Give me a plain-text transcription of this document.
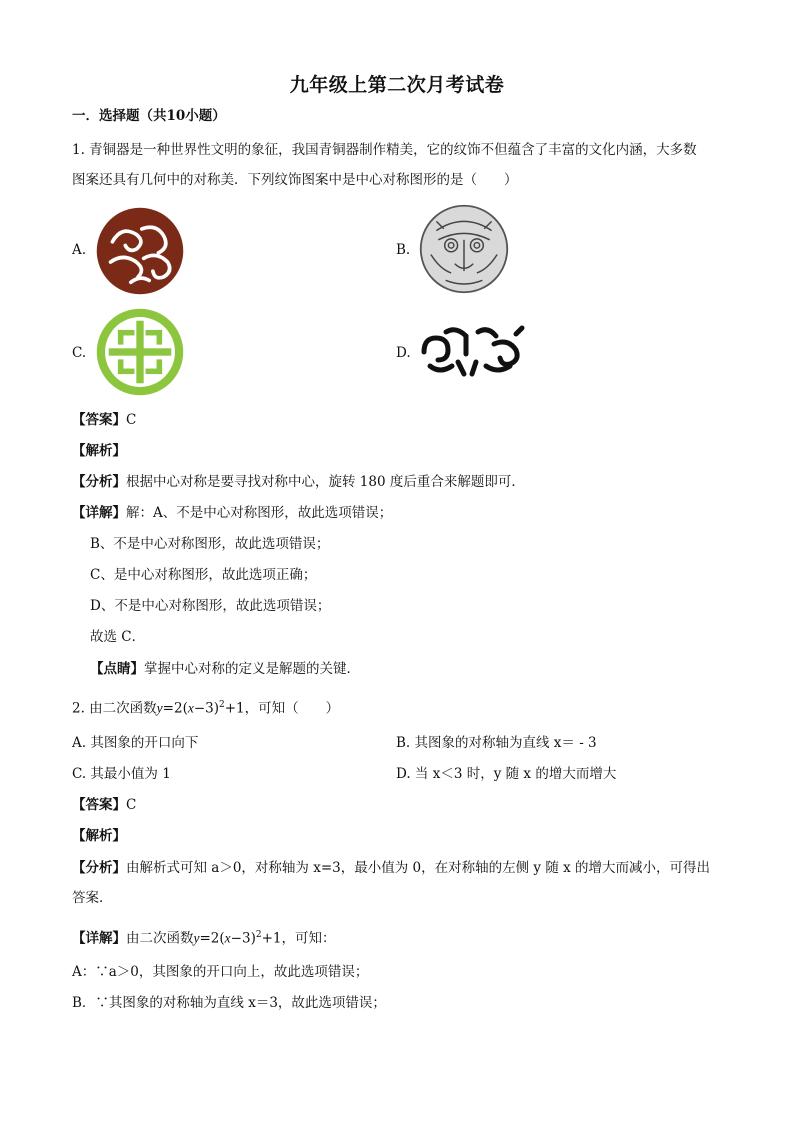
九年级上第二次月考试卷
一．选择题（共10小题）
1. 青铜器是一种世界性文明的象征，我国青铜器制作精美，它的纹饰不但蕴含了丰富的文化内涵，大多数
图案还具有几何中的对称美．下列纹饰图案中是中心对称图形的是（　　）
A.	B.
C.	D.
【答案】C
【解析】
【分析】根据中心对称是要寻找对称中心，旋转 180 度后重合来解题即可．
【详解】解：A、不是中心对称图形，故此选项错误；
B、不是中心对称图形，故此选项错误；
C、是中心对称图形，故此选项正确；
D、不是中心对称图形，故此选项错误；
故选 C．
【点睛】掌握中心对称的定义是解题的关键．
2. 由二次函数$y=2(x-3)^2+1$，可知（　　）
A. 其图象的开口向下	B. 其图象的对称轴为直线 x＝ - 3
C. 其最小值为 1	D. 当 x＜3 时，y 随 x 的增大而增大
【答案】C
【解析】
【分析】由解析式可知 a＞0，对称轴为 x=3，最小值为 0，在对称轴的左侧 y 随 x 的增大而减小，可得出
答案．
【详解】由二次函数$y=2(x-3)^2+1$，可知：
A：∵a＞0，其图象的开口向上，故此选项错误；
B．∵其图象的对称轴为直线 x＝3，故此选项错误；
